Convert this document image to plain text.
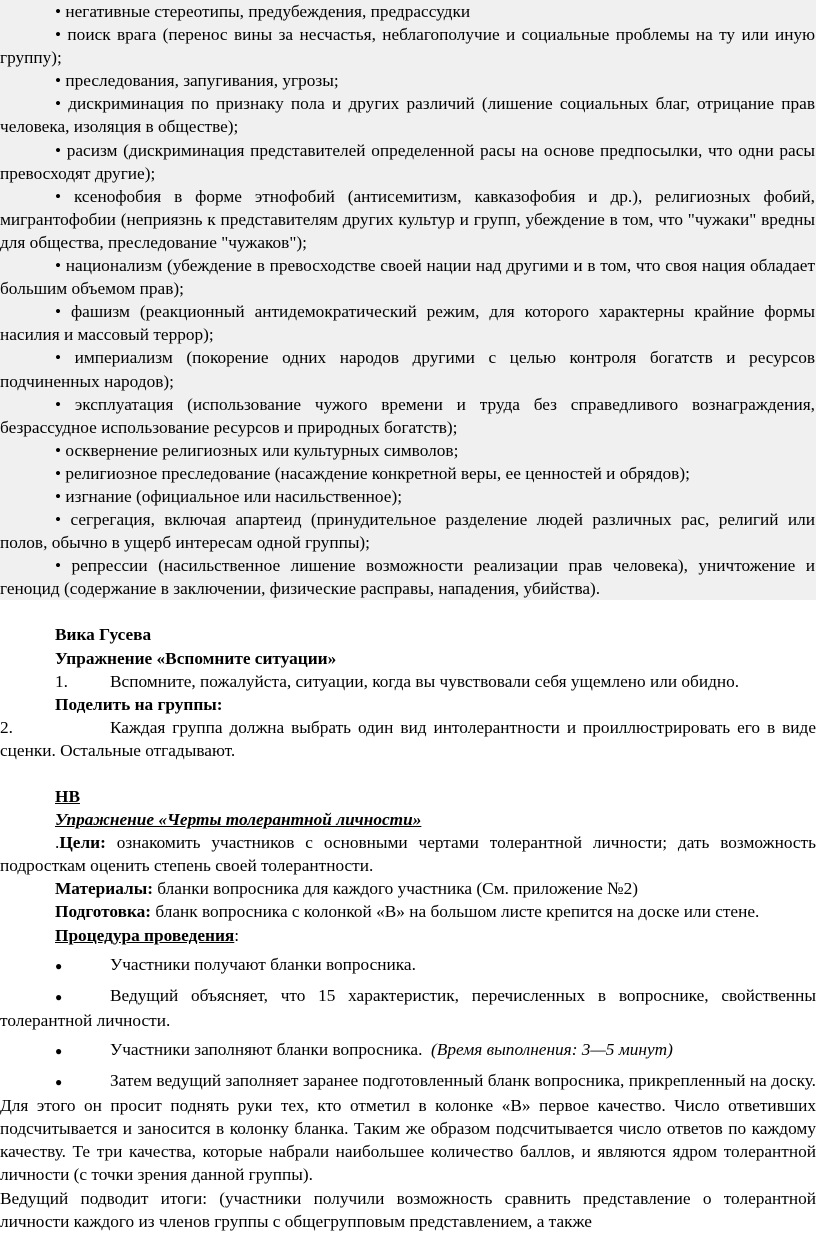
• негативные стереотипы, предубеждения, предрассудки

• поиск врага (перенос вины за несчастья, неблагополучие и социальные проблемы на ту или иную группу);

• преследования, запугивания, угрозы;

• дискриминация по признаку пола и других различий (лишение социальных благ, отрицание прав человека, изоляция в обществе);

• расизм (дискриминация представителей определенной расы на основе предпосылки, что одни расы превосходят другие);

• ксенофобия в форме этнофобий (антисемитизм, кавказофобия и др.), религиозных фобий, мигрантофобии (неприязнь к представителям других культур и групп, убеждение в том, что "чужаки" вредны для общества, преследование "чужаков");

• национализм (убеждение в превосходстве своей нации над другими и в том, что своя нация обладает большим объемом прав);

• фашизм (реакционный антидемократический режим, для которого характерны крайние формы насилия и массовый террор);

• империализм (покорение одних народов другими с целью контроля богатств и ресурсов подчиненных народов);

• эксплуатация (использование чужого времени и труда без справедливого вознаграждения, безрассудное использование ресурсов и природных богатств);

• осквернение религиозных или культурных символов;

• религиозное преследование (насаждение конкретной веры, ее ценностей и обрядов);

• изгнание (официальное или насильственное);

• сегрегация, включая апартеид (принудительное разделение людей различных рас, религий или полов, обычно в ущерб интересам одной группы);

• репрессии (насильственное лишение возможности реализации прав человека), уничтожение и геноцид (содержание в заключении, физические расправы, нападения, убийства).

Вика Гусева

Упражнение «Вспомните ситуации»

1. Вспомните, пожалуйста, ситуации, когда вы чувствовали себя ущемлено или обидно.

Поделить на группы:

2.	Каждая группа должна выбрать один вид интолерантности и проиллюстрировать его в виде сценки. Остальные отгадывают.

НВ

Упражнение «Черты толерантной личности»

.Цели: ознакомить участников с основными чертами толерантной личности; дать возможность подросткам оценить степень своей толерантности.

Материалы: бланки вопросника для каждого участника (См. приложение №2)

Подготовка: бланк вопросника с колонкой «В» на большом листе крепится на доске или стене.

Процедура проведения:

●	Участники получают бланки вопросника.

●	Ведущий объясняет, что 15 характеристик, перечисленных в вопроснике, свойственны толерантной личности.

●	Участники заполняют бланки вопросника. (Время выполнения: 3—5 минут)

●	Затем ведущий заполняет заранее подготовленный бланк вопросника, прикрепленный на доску. Для этого он просит поднять руки тех, кто отметил в колонке «В» первое качество. Число ответивших подсчитывается и заносится в колонку бланка. Таким же образом подсчитывается число ответов по каждому качеству. Те три качества, которые набрали наибольшее количество баллов, и являются ядром толерантной личности (с точки зрения данной группы).

Ведущий подводит итоги: (участники получили возможность сравнить представление о толерантной личности каждого из членов группы с общегрупповым представлением, а также
